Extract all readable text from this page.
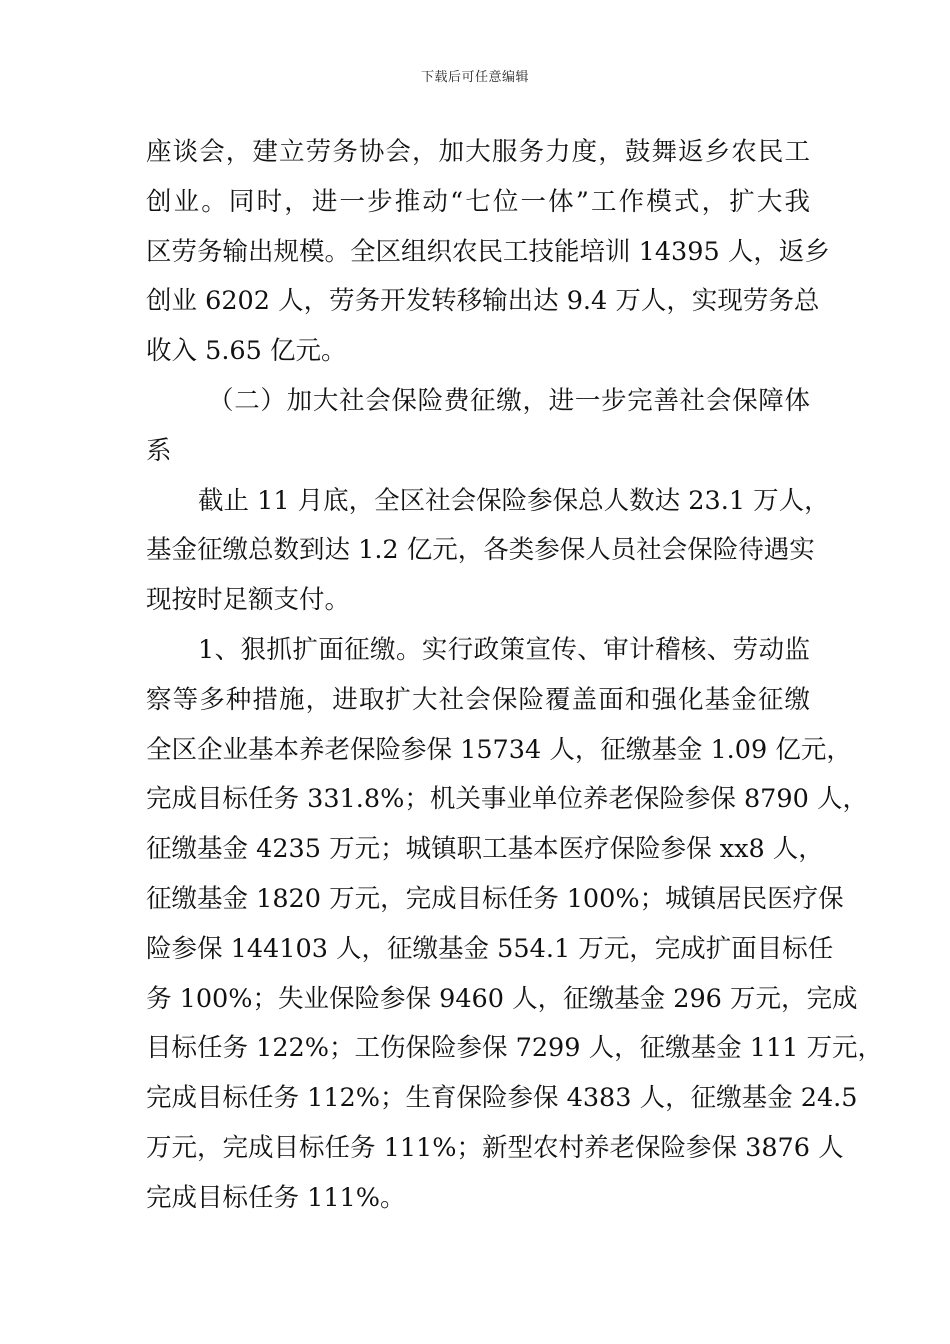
下载后可任意编辑
座谈会，建立劳务协会，加大服务力度，鼓舞返乡农民工
创业。同时，进一步推动“七位一体”工作模式，扩大我
区劳务输出规模。全区组织农民工技能培训 14395 人，返乡
创业 6202 人，劳务开发转移输出达 9.4 万人，实现劳务总
收入 5.65 亿元。
（二）加大社会保险费征缴，进一步完善社会保障体
系
截止 11 月底，全区社会保险参保总人数达 23.1 万人，
基金征缴总数到达 1.2 亿元，各类参保人员社会保险待遇实
现按时足额支付。
1、狠抓扩面征缴。实行政策宣传、审计稽核、劳动监
察等多种措施，进取扩大社会保险覆盖面和强化基金征缴
全区企业基本养老保险参保 15734 人，征缴基金 1.09 亿元，
完成目标任务 331.8%；机关事业单位养老保险参保 8790 人，
征缴基金 4235 万元；城镇职工基本医疗保险参保 xx8 人，
征缴基金 1820 万元，完成目标任务 100%；城镇居民医疗保
险参保 144103 人，征缴基金 554.1 万元，完成扩面目标任
务 100%；失业保险参保 9460 人，征缴基金 296 万元，完成
目标任务 122%；工伤保险参保 7299 人，征缴基金 111 万元，
完成目标任务 112%；生育保险参保 4383 人，征缴基金 24.5
万元，完成目标任务 111%；新型农村养老保险参保 3876 人
完成目标任务 111%。
